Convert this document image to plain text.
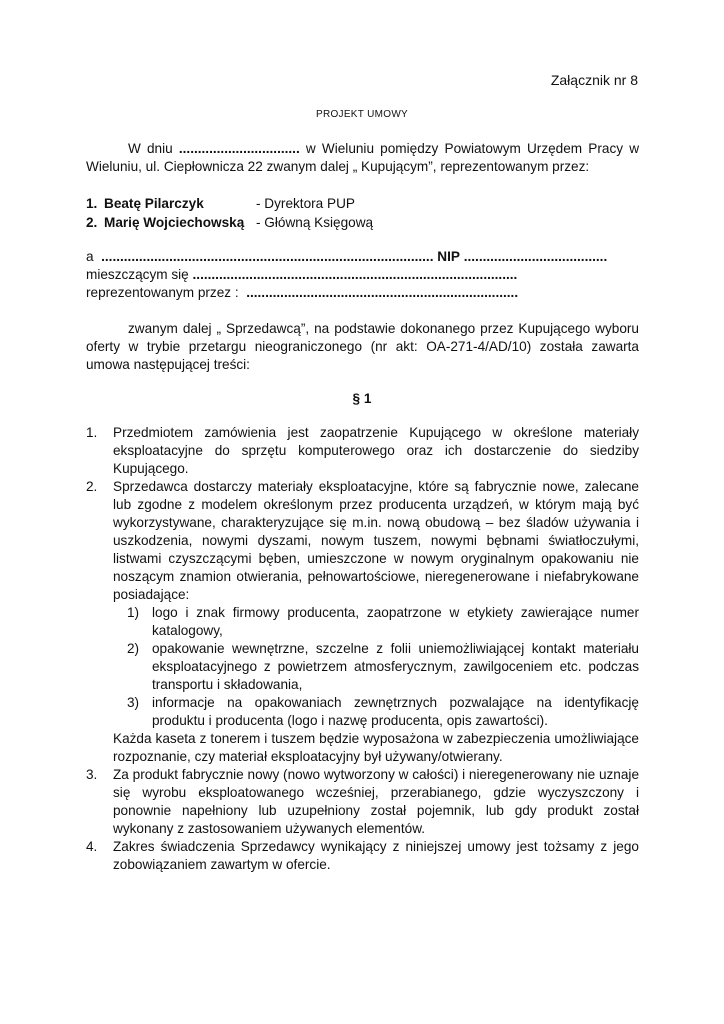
Załącznik nr 8
PROJEKT UMOWY
W dniu ................................ w Wieluniu pomiędzy Powiatowym Urzędem Pracy w Wieluniu, ul. Ciepłownicza 22 zwanym dalej „ Kupującym”, reprezentowanym przez:
1. Beatę Pilarczyk	- Dyrektora PUP
2. Marię Wojciechowską - Główną Księgową
a ........................................................................................ NIP ......................................
mieszczącym się ......................................................................................
reprezentowanym przez : ........................................................................
zwanym dalej „ Sprzedawcą”, na podstawie dokonanego przez Kupującego wyboru oferty w trybie przetargu nieograniczonego (nr akt: OA-271-4/AD/10) została zawarta umowa następującej treści:
§ 1
1. Przedmiotem zamówienia jest zaopatrzenie Kupującego w określone materiały eksploatacyjne do sprzętu komputerowego oraz ich dostarczenie do siedziby Kupującego.
2. Sprzedawca dostarczy materiały eksploatacyjne, które są fabrycznie nowe, zalecane lub zgodne z modelem określonym przez producenta urządzeń, w którym mają być wykorzystywane, charakteryzujące się m.in. nową obudową – bez śladów używania i uszkodzenia, nowymi dyszami, nowym tuszem, nowymi bębnami światłoczułymi, listwami czyszczącymi bęben, umieszczone w nowym oryginalnym opakowaniu nie noszącym znamion otwierania, pełnowartościowe, nieregenerowane i niefabrykowane posiadające:
1) logo i znak firmowy producenta, zaopatrzone w etykiety zawierające numer katalogowy,
2) opakowanie wewnętrzne, szczelne z folii uniemożliwiającej kontakt materiału eksploatacyjnego z powietrzem atmosferycznym, zawilgoceniem etc. podczas transportu i składowania,
3) informacje na opakowaniach zewnętrznych pozwalające na identyfikację produktu i producenta (logo i nazwę producenta, opis zawartości).
Każda kaseta z tonerem i tuszem będzie wyposażona w zabezpieczenia umożliwiające rozpoznanie, czy materiał eksploatacyjny był używany/otwierany.
3. Za produkt fabrycznie nowy (nowo wytworzony w całości) i nieregenerowany nie uznaje się wyrobu eksploatowanego wcześniej, przerabianego, gdzie wyczyszczony i ponownie napełniony lub uzupełniony został pojemnik, lub gdy produkt został wykonany z zastosowaniem używanych elementów.
4. Zakres świadczenia Sprzedawcy wynikający z niniejszej umowy jest tożsamy z jego zobowiązaniem zawartym w ofercie.
